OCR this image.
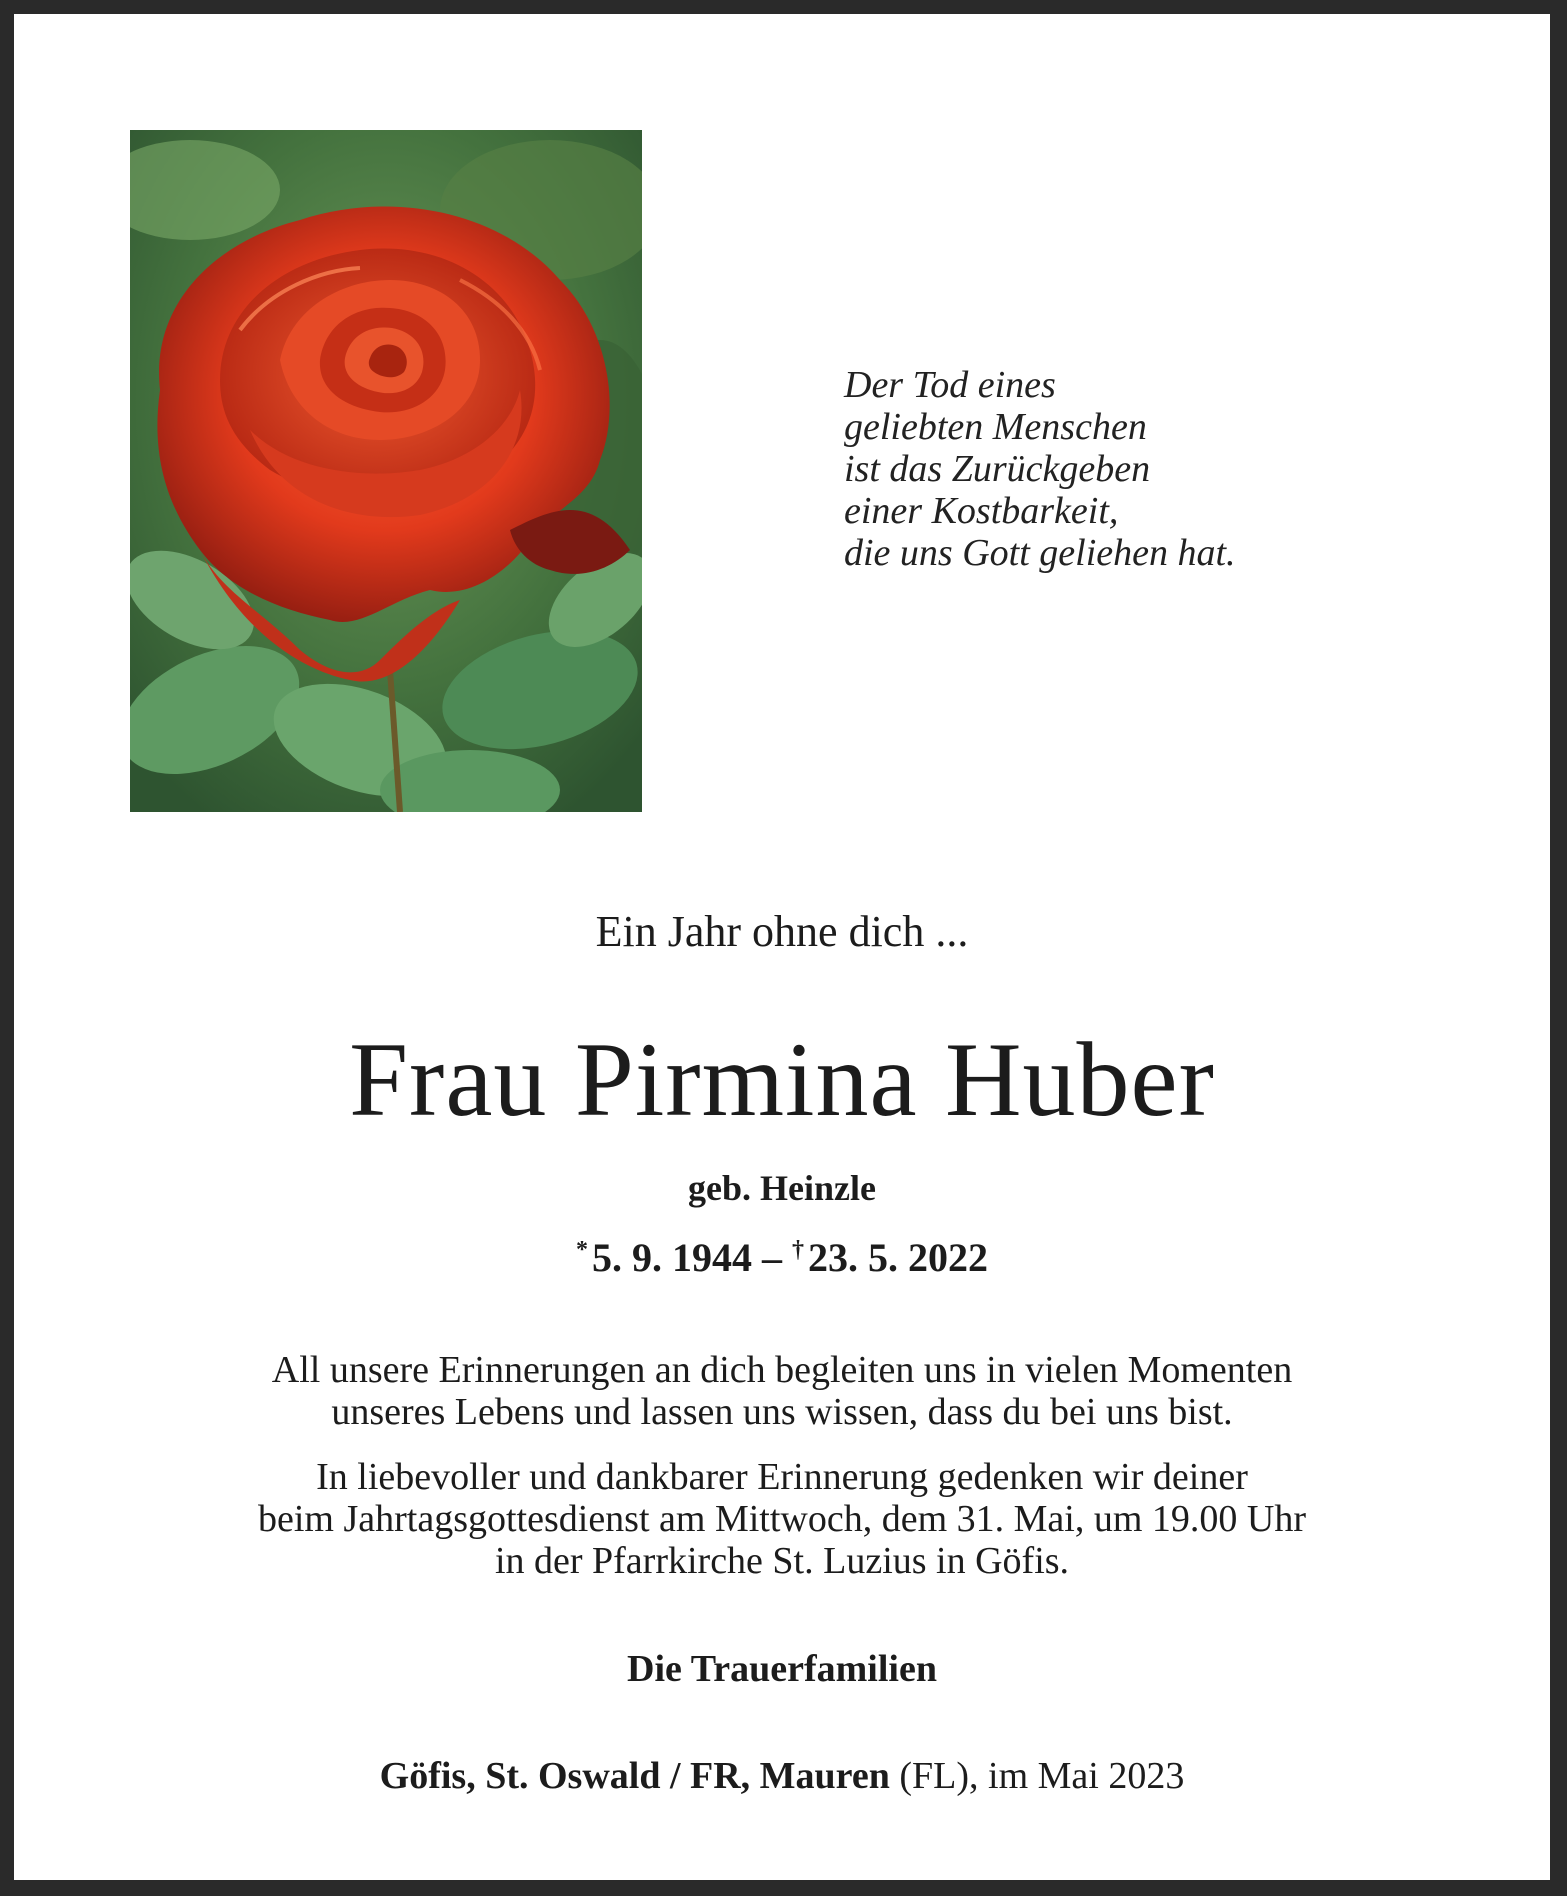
Der Tod eines
geliebten Menschen
ist das Zurückgeben
einer Kostbarkeit,
die uns Gott geliehen hat.
Ein Jahr ohne dich ...
Frau Pirmina Huber
geb. Heinzle
* 5. 9. 1944 – † 23. 5. 2022
All unsere Erinnerungen an dich begleiten uns in vielen Momenten
unseres Lebens und lassen uns wissen, dass du bei uns bist.
In liebevoller und dankbarer Erinnerung gedenken wir deiner
beim Jahrtagsgottesdienst am Mittwoch, dem 31. Mai, um 19.00 Uhr
in der Pfarrkirche St. Luzius in Göfis.
Die Trauerfamilien
Göfis, St. Oswald / FR, Mauren (FL), im Mai 2023
